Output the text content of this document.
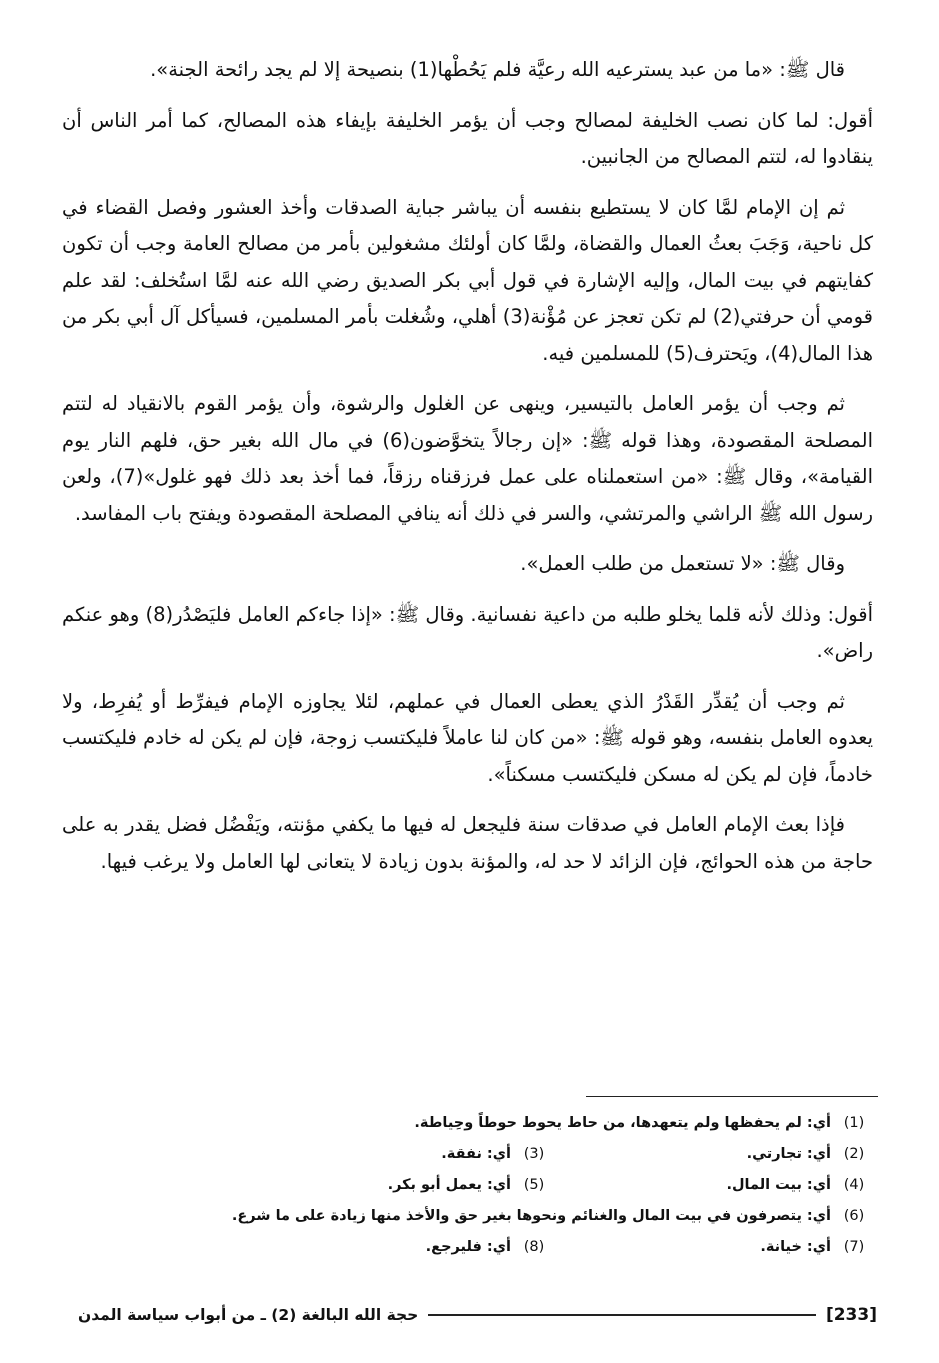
قال ﷺ: «ما من عبد يسترعيه الله رعيَّة فلم يَحُطْها(1) بنصيحة إلا لم يجد رائحة الجنة».

أقول: لما كان نصب الخليفة لمصالح وجب أن يؤمر الخليفة بإيفاء هذه المصالح، كما أمر الناس أن ينقادوا له، لتتم المصالح من الجانبين.

ثم إن الإمام لمَّا كان لا يستطيع بنفسه أن يباشر جباية الصدقات وأخذ العشور وفصل القضاء في كل ناحية، وَجَبَ بعثُ العمال والقضاة، ولمَّا كان أولئك مشغولين بأمر من مصالح العامة وجب أن تكون كفايتهم في بيت المال، وإليه الإشارة في قول أبي بكر الصديق رضي الله عنه لمَّا استُخلف: لقد علم قومي أن حرفتي(2) لم تكن تعجز عن مُؤْنة(3) أهلي، وشُغلت بأمر المسلمين، فسيأكل آل أبي بكر من هذا المال(4)، ويَحترف(5) للمسلمين فيه.

ثم وجب أن يؤمر العامل بالتيسير، وينهى عن الغلول والرشوة، وأن يؤمر القوم بالانقياد له لتتم المصلحة المقصودة، وهذا قوله ﷺ: «إن رجالاً يتخوَّضون(6) في مال الله بغير حق، فلهم النار يوم القيامة»، وقال ﷺ: «من استعملناه على عمل فرزقناه رزقاً، فما أخذ بعد ذلك فهو غلول»(7)، ولعن رسول الله ﷺ الراشي والمرتشي، والسر في ذلك أنه ينافي المصلحة المقصودة ويفتح باب المفاسد.

وقال ﷺ: «لا تستعمل من طلب العمل».

أقول: وذلك لأنه قلما يخلو طلبه من داعية نفسانية. وقال ﷺ: «إذا جاءكم العامل فليَصْدُر(8) وهو عنكم راض».

ثم وجب أن يُقدِّر القَدْرُ الذي يعطى العمال في عملهم، لئلا يجاوزه الإمام فيفرِّط أو يُفرِط، ولا يعدوه العامل بنفسه، وهو قوله ﷺ: «من كان لنا عاملاً فليكتسب زوجة، فإن لم يكن له خادم فليكتسب خادماً، فإن لم يكن له مسكن فليكتسب مسكناً».

فإذا بعث الإمام العامل في صدقات سنة فليجعل له فيها ما يكفي مؤنته، ويَفْضُل فضل يقدر به على حاجة من هذه الحوائج، فإن الزائد لا حد له، والمؤنة بدون زيادة لا يتعانى لها العامل ولا يرغب فيها.

(1)
أي: لم يحفظها ولم يتعهدها، من حاط يحوط حوطاً وحِياطة.
(2)
أي: تجارتي.
(3)
أي: نفقة.
(4)
أي: بيت المال.
(5)
أي: يعمل أبو بكر.
(6)
أي: يتصرفون في بيت المال والغنائم ونحوها بغير حق والأخذ منها زيادة على ما شرع.
(7)
أي: خيانة.
(8)
أي: فليرجع.
[233]
حجة الله البالغة (2) ـ من أبواب سياسة المدن
